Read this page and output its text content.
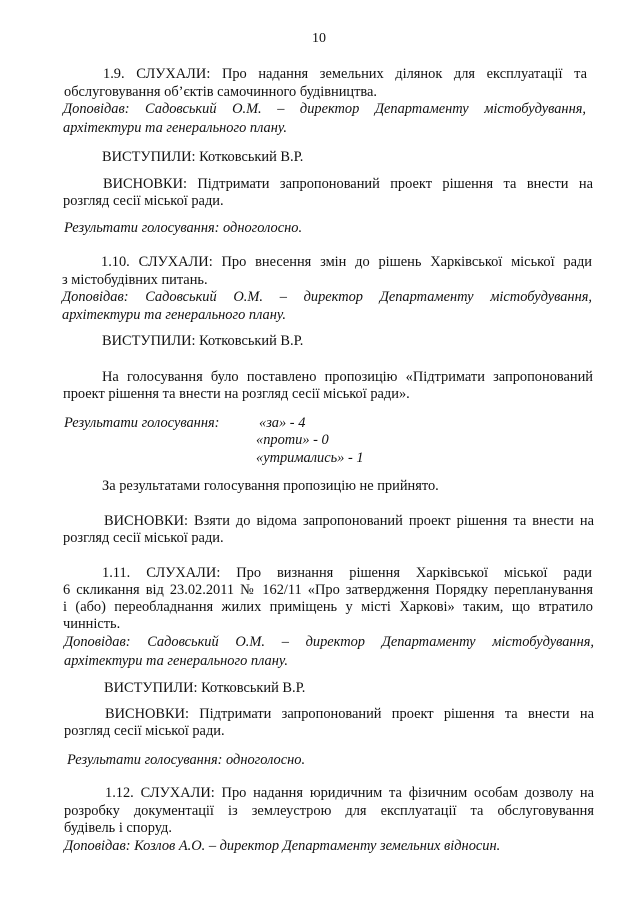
10
1.9. СЛУХАЛИ: Про надання земельних ділянок для експлуатації та
обслуговування об’єктів самочинного будівництва.
Доповідав: Садовський О.М. – директор Департаменту містобудування,
архітектури та генерального плану.
ВИСТУПИЛИ: Котковський В.Р.
ВИСНОВКИ: Підтримати запропонований проект рішення та внести на
розгляд сесії міської ради.
Результати голосування: одноголосно.
1.10. СЛУХАЛИ: Про внесення змін до рішень Харківської міської ради
з містобудівних питань.
Доповідав: Садовський О.М. – директор Департаменту містобудування,
архітектури та генерального плану.
ВИСТУПИЛИ: Котковський В.Р.
На голосування було поставлено пропозицію «Підтримати запропонований
проект рішення та внести на розгляд сесії міської ради».
Результати голосування:	«за» - 4
«проти» - 0
«утримались» - 1
За результатами голосування пропозицію не прийнято.
ВИСНОВКИ: Взяти до відома запропонований проект рішення та внести на
розгляд сесії міської ради.
1.11. СЛУХАЛИ: Про визнання рішення Харківської міської ради
6 скликання від 23.02.2011 № 162/11 «Про затвердження Порядку перепланування
і (або) переобладнання жилих приміщень у місті Харкові» таким, що втратило
чинність.
Доповідав: Садовський О.М. – директор Департаменту містобудування,
архітектури та генерального плану.
ВИСТУПИЛИ: Котковський В.Р.
ВИСНОВКИ: Підтримати запропонований проект рішення та внести на
розгляд сесії міської ради.
Результати голосування: одноголосно.
1.12. СЛУХАЛИ: Про надання юридичним та фізичним особам дозволу на
розробку документації із землеустрою для експлуатації та обслуговування
будівель і споруд.
Доповідав: Козлов А.О. – директор Департаменту земельних відносин.
